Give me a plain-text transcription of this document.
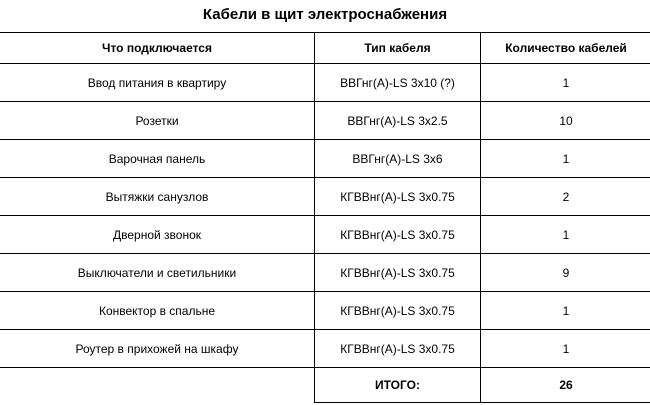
Кабели в щит электроснабжения
Что подключается	Тип кабеля	Количество кабелей
Ввод питания в квартиру	ВВГнг(А)-LS 3х10 (?)	1
Розетки	ВВГнг(А)-LS 3х2.5	10
Варочная панель	ВВГнг(А)-LS 3х6	1
Вытяжки санузлов	КГВВнг(А)-LS 3х0.75	2
Дверной звонок	КГВВнг(А)-LS 3х0.75	1
Выключатели и светильники	КГВВнг(А)-LS 3х0.75	9
Конвектор в спальне	КГВВнг(А)-LS 3х0.75	1
Роутер в прихожей на шкафу	КГВВнг(А)-LS 3х0.75	1
	ИТОГО:	26
